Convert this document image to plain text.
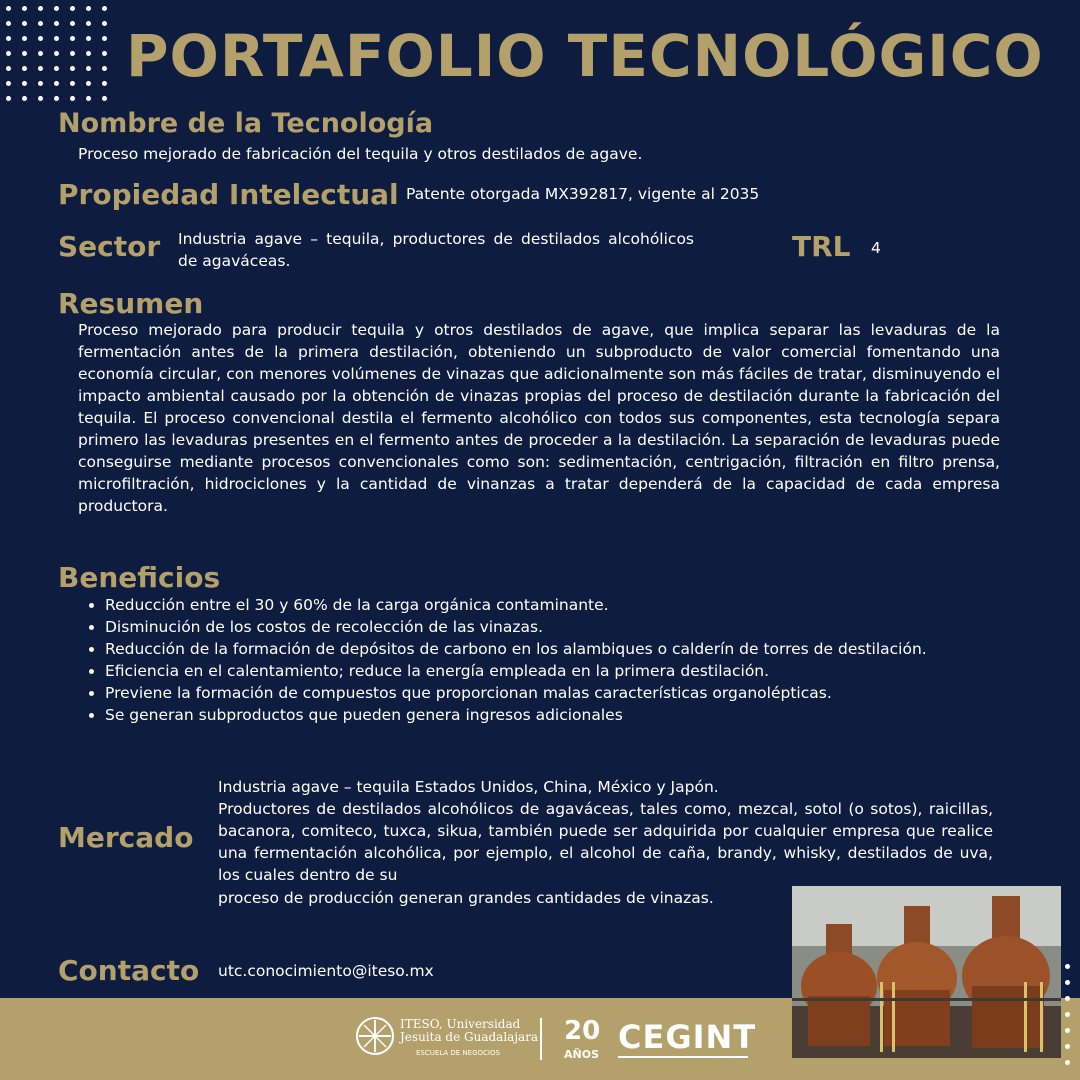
PORTAFOLIO TECNOLÓGICO
Nombre de la Tecnología
Proceso mejorado de fabricación del tequila y otros destilados de agave.
Propiedad Intelectual Patente otorgada MX392817, vigente al 2035
Sector Industria agave – tequila, productores de destilados alcohólicos de agaváceas.	TRL 4
Resumen
Proceso mejorado para producir tequila y otros destilados de agave, que implica separar las levaduras de la fermentación antes de la primera destilación, obteniendo un subproducto de valor comercial fomentando una economía circular, con menores volúmenes de vinazas que adicionalmente son más fáciles de tratar, disminuyendo el impacto ambiental causado por la obtención de vinazas propias del proceso de destilación durante la fabricación del tequila. El proceso convencional destila el fermento alcohólico con todos sus componentes, esta tecnología separa primero las levaduras presentes en el fermento antes de proceder a la destilación. La separación de levaduras puede conseguirse mediante procesos convencionales como son: sedimentación, centrigación, filtración en filtro prensa, microfiltración, hidrociclones y la cantidad de vinanzas a tratar dependerá de la capacidad de cada empresa productora.
Beneficios
• Reducción entre el 30 y 60% de la carga orgánica contaminante.
• Disminución de los costos de recolección de las vinazas.
• Reducción de la formación de depósitos de carbono en los alambiques o calderín de torres de destilación.
• Eficiencia en el calentamiento; reduce la energía empleada en la primera destilación.
• Previene la formación de compuestos que proporcionan malas características organolépticas.
• Se generan subproductos que pueden genera ingresos adicionales
Mercado
Industria agave – tequila Estados Unidos, China, México y Japón.
Productores de destilados alcohólicos de agaváceas, tales como, mezcal, sotol (o sotos), raicillas, bacanora, comiteco, tuxca, sikua, también puede ser adquirida por cualquier empresa que realice una fermentación alcohólica, por ejemplo, el alcohol de caña, brandy, whisky, destilados de uva, los cuales dentro de su
proceso de producción generan grandes cantidades de vinazas.
Contacto utc.conocimiento@iteso.mx
ITESO, Universidad
Jesuita de Guadalajara
ESCUELA DE NEGOCIOS
20
AÑOS CEGINT
